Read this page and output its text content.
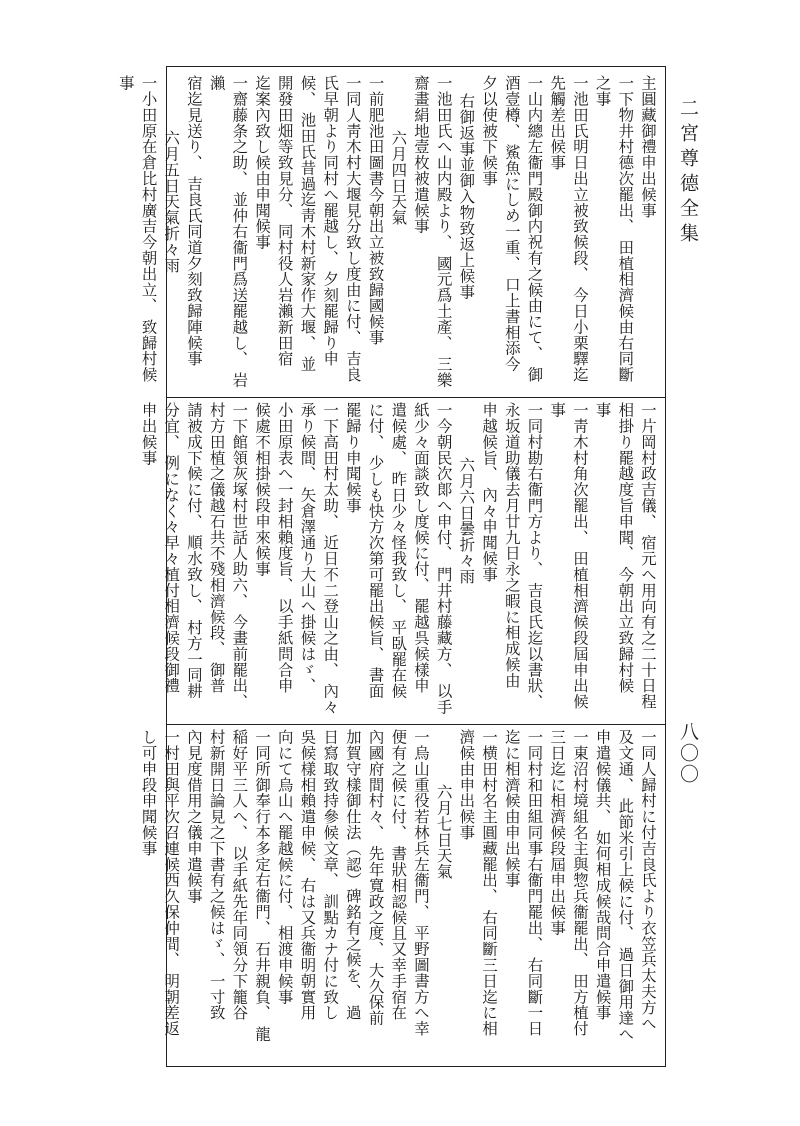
二宮尊德全集
八〇〇
主圓藏御禮申出候事
一下物井村德次罷出、 田植相濟候由右同斷
之事
一池田氏明日出立被致候段、 今日小栗驛迄
先觸差出候事
一山内總左衞門殿御内祝有之候由にて、 御
酒壹樽、 鯊魚にしめ一重、 口上書相添今
夕以使被下候事
右御返事並御入物致返上候事
一池田氏へ山内殿より、 國元爲土產、 三樂
齋畫絹地壹枚被遣候事
六月四日天氣
一前肥池田圖書今朝出立被致歸國候事
一同人靑木村大堰見分致し度由に付、 吉良
氏早朝より同村へ罷越し、 夕刻罷歸り申
候、 池田氏昔過迄靑木村新家作大堰、 並
開發田畑等致見分、 同村役人岩瀨新田宿
迄案內致し候由申聞候事
一齋藤条之助、 並仲右衞門爲送罷越し、 岩瀨
宿迄見送り、 吉良氏同道夕刻致歸陣候事
六月五日天氣折々雨
一小田原在倉比村廣吉今朝出立、 致歸村候
事
一片岡村政吉儀、 宿元へ用向有之二十日程
相掛り罷越度旨申聞、 今朝出立致歸村候
事
一靑木村角次罷出、 田植相濟候段屆申出候
事
一同村勘右衞門方より、 吉良氏迄以書狀、
永坂道助儀去月廿九日永之暇に相成候由
申越候旨、 內々申聞候事
六月六日曇折々雨
一今朝民次郞へ申付、 門井村藤藏方、 以手
紙少々面談致し度候に付、 罷越呉候樣申
遣候處、 昨日少々怪我致し、 平臥罷在候
に付、 少しも快方次第可罷出候旨、 書面
罷歸り申聞候事
一下高田村太助、 近日不二登山之由、 內々
承り候間、 矢倉澤通り大山へ掛候はゞ、
小田原表へ一封相賴度旨、 以手紙問合申
候處不相掛候段申來候事
一下館領灰塚村世話人助六、 今畫前罷出、
村方田植之儀越石共不殘相濟候段、 御普
請被成下候に付、 順水致し、 村方一同耕
分宜、 例になく々早々植付相濟候段御禮
申出候事
一同人歸村に付吉良氏より衣笠兵太夫方へ
及文通、 此節米引上候に付、 過日御用達へ
申遣候儀共、 如何相成候哉問合申遣候事
一東沼村境組名主與惣兵衞罷出、 田方植付
三日迄に相濟候段屆申出候事
一同村和田組同事右衞門罷出、 右同斷一日
迄に相濟候由申出候事
一横田村名主圓藏罷出、 右同斷三日迄に相
濟候由申出候事
六月七日天氣
一烏山重役若林兵左衞門、 平野圖書方へ幸
便有之候に付、 書狀相認候且又幸手宿在
內國府間村々、 先年寬政之度、 大久保前
加賀守樣御仕法（認）碑銘有之候を、 過
日寫取致持參候文章、 訓點カナ付に致し
吳候樣相賴遣申候、 右は又兵衞明朝實用
向にて烏山へ罷越候に付、 相渡申候事
一同所御奉行本多定右衞門、 石井親負、 龍
稲好平三人へ、 以手紙先年同領分下籠谷
村新開日論見之下書有之候はゞ、 一寸致
內見度借用之儀申遣候事
一村田與平次召連候西久保仲間、 明朝差返
し可申段申聞候事
